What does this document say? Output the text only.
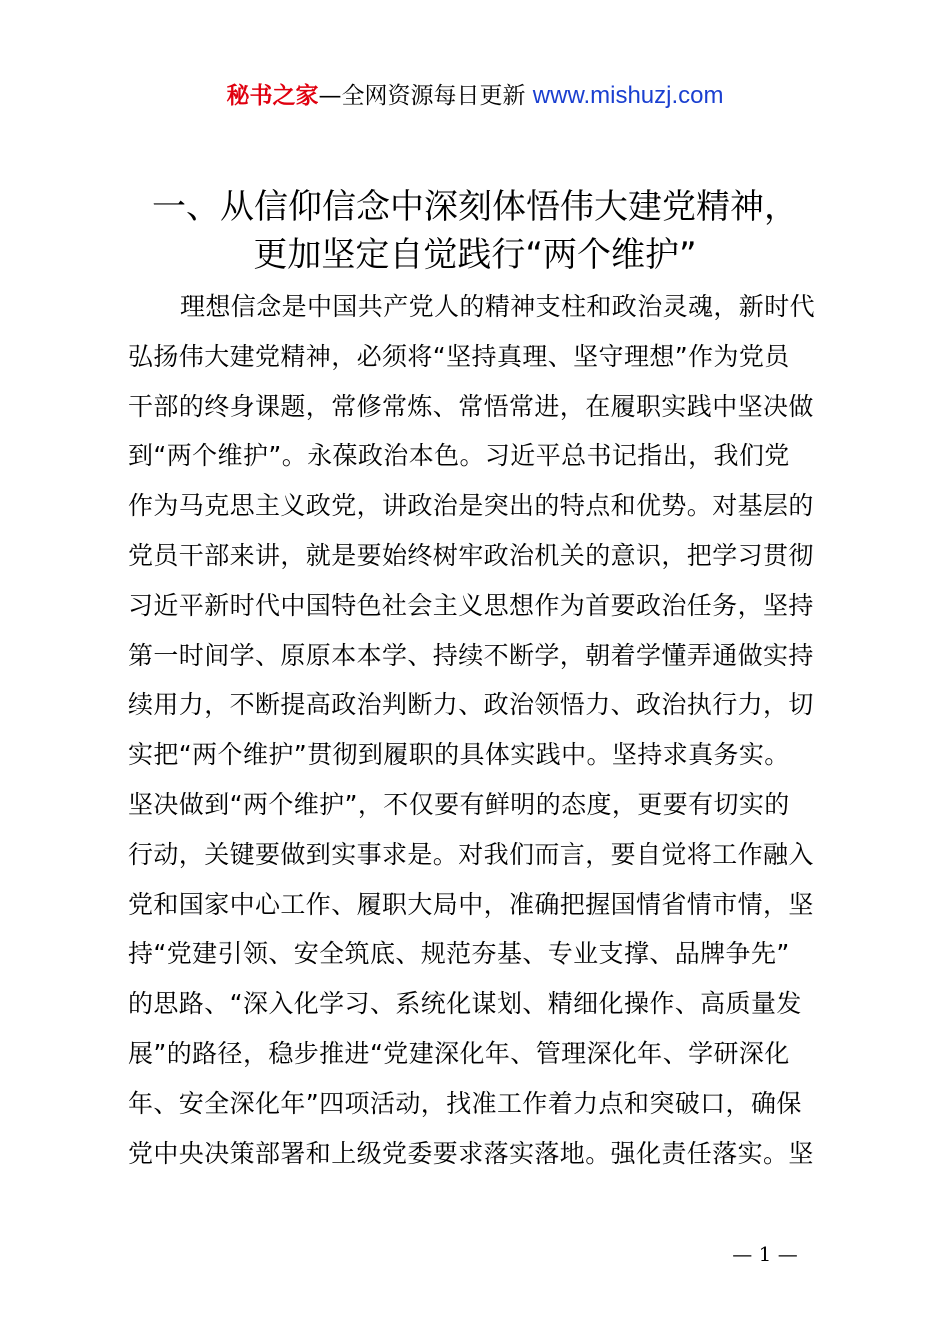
秘书之家—全网资源每日更新 www.mishuzj.com
一、从信仰信念中深刻体悟伟大建党精神，
更加坚定自觉践行“两个维护”
理想信念是中国共产党人的精神支柱和政治灵魂，新时代
弘扬伟大建党精神，必须将“坚持真理、坚守理想”作为党员
干部的终身课题，常修常炼、常悟常进，在履职实践中坚决做
到“两个维护”。永葆政治本色。习近平总书记指出，我们党
作为马克思主义政党，讲政治是突出的特点和优势。对基层的
党员干部来讲，就是要始终树牢政治机关的意识，把学习贯彻
习近平新时代中国特色社会主义思想作为首要政治任务，坚持
第一时间学、原原本本学、持续不断学，朝着学懂弄通做实持
续用力，不断提高政治判断力、政治领悟力、政治执行力，切
实把“两个维护”贯彻到履职的具体实践中。坚持求真务实。
坚决做到“两个维护”，不仅要有鲜明的态度，更要有切实的
行动，关键要做到实事求是。对我们而言，要自觉将工作融入
党和国家中心工作、履职大局中，准确把握国情省情市情，坚
持“党建引领、安全筑底、规范夯基、专业支撑、品牌争先”
的思路、“深入化学习、系统化谋划、精细化操作、高质量发
展”的路径，稳步推进“党建深化年、管理深化年、学研深化
年、安全深化年”四项活动，找准工作着力点和突破口，确保
党中央决策部署和上级党委要求落实落地。强化责任落实。坚
— 1 —
